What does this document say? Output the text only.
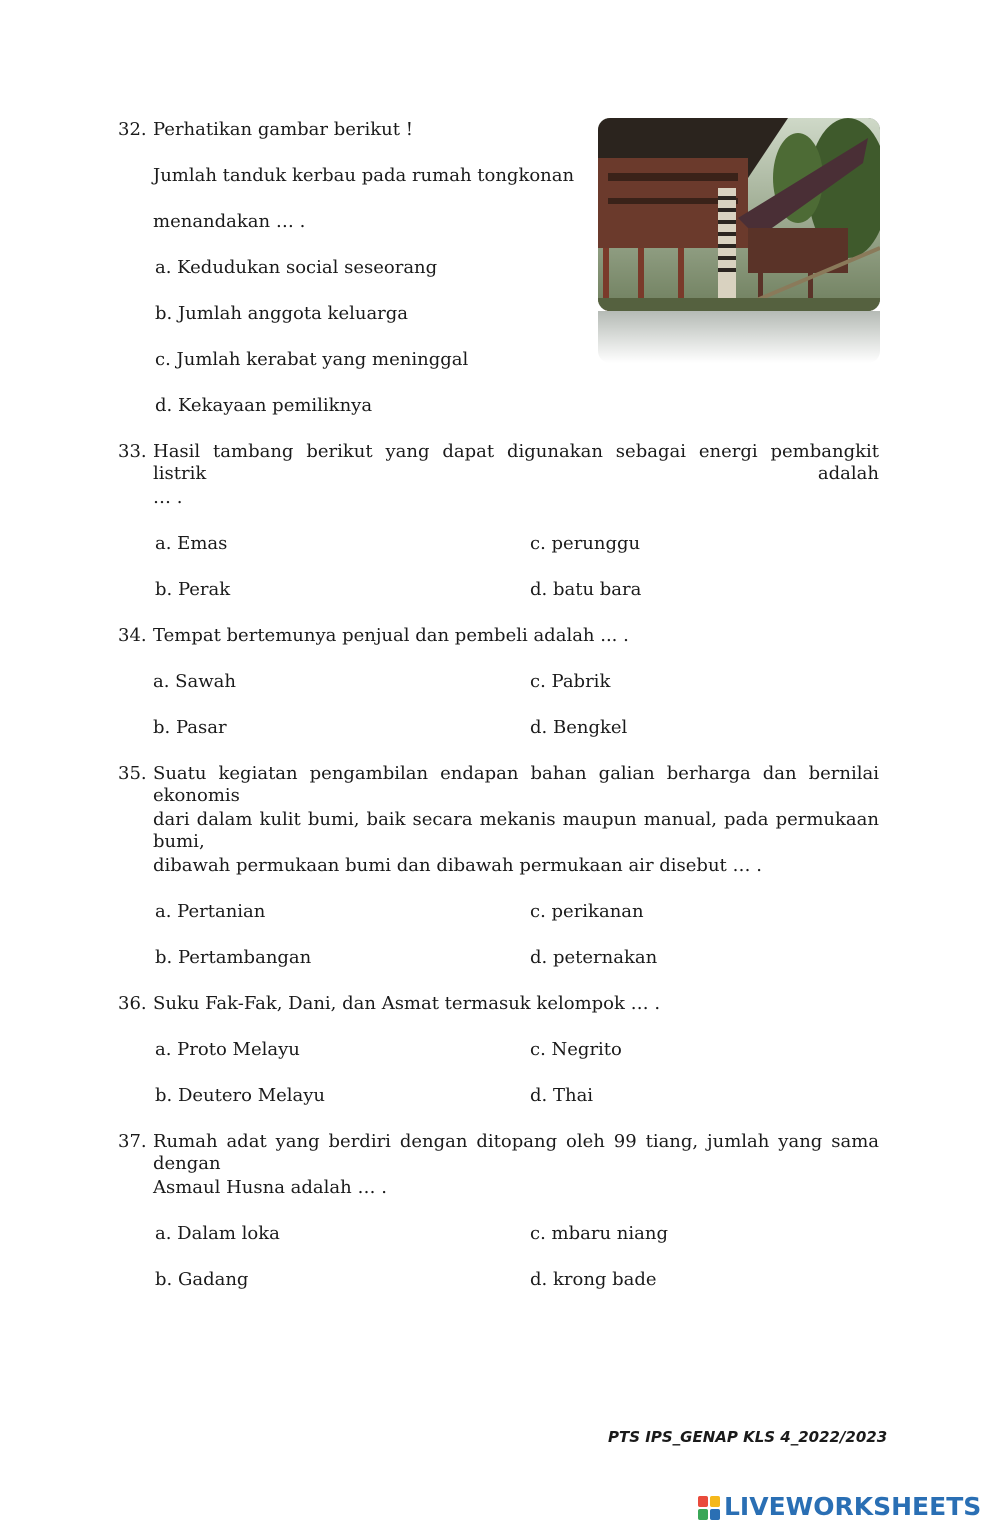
32. Perhatikan gambar berikut !
Jumlah tanduk kerbau pada rumah tongkonan
menandakan … .
a. Kedudukan social seseorang
b. Jumlah anggota keluarga
c. Jumlah kerabat yang meninggal
d. Kekayaan pemiliknya
33. Hasil tambang berikut yang dapat digunakan sebagai energi pembangkit listrik adalah
… .
a. Emas	c. perunggu
b. Perak	d. batu bara
34. Tempat bertemunya penjual dan pembeli adalah ... .
a. Sawah	c. Pabrik
b. Pasar	d. Bengkel
35. Suatu kegiatan pengambilan endapan bahan galian berharga dan bernilai ekonomis
dari dalam kulit bumi, baik secara mekanis maupun manual, pada permukaan bumi,
dibawah permukaan bumi dan dibawah permukaan air disebut … .
a. Pertanian	c. perikanan
b. Pertambangan	d. peternakan
36. Suku Fak-Fak, Dani, dan Asmat termasuk kelompok … .
a. Proto Melayu	c. Negrito
b. Deutero Melayu	d. Thai
37. Rumah adat yang berdiri dengan ditopang oleh 99 tiang, jumlah yang sama dengan
Asmaul Husna adalah … .
a. Dalam loka	c. mbaru niang
b. Gadang	d. krong bade
PTS IPS_GENAP KLS 4_2022/2023
LIVEWORKSHEETS
